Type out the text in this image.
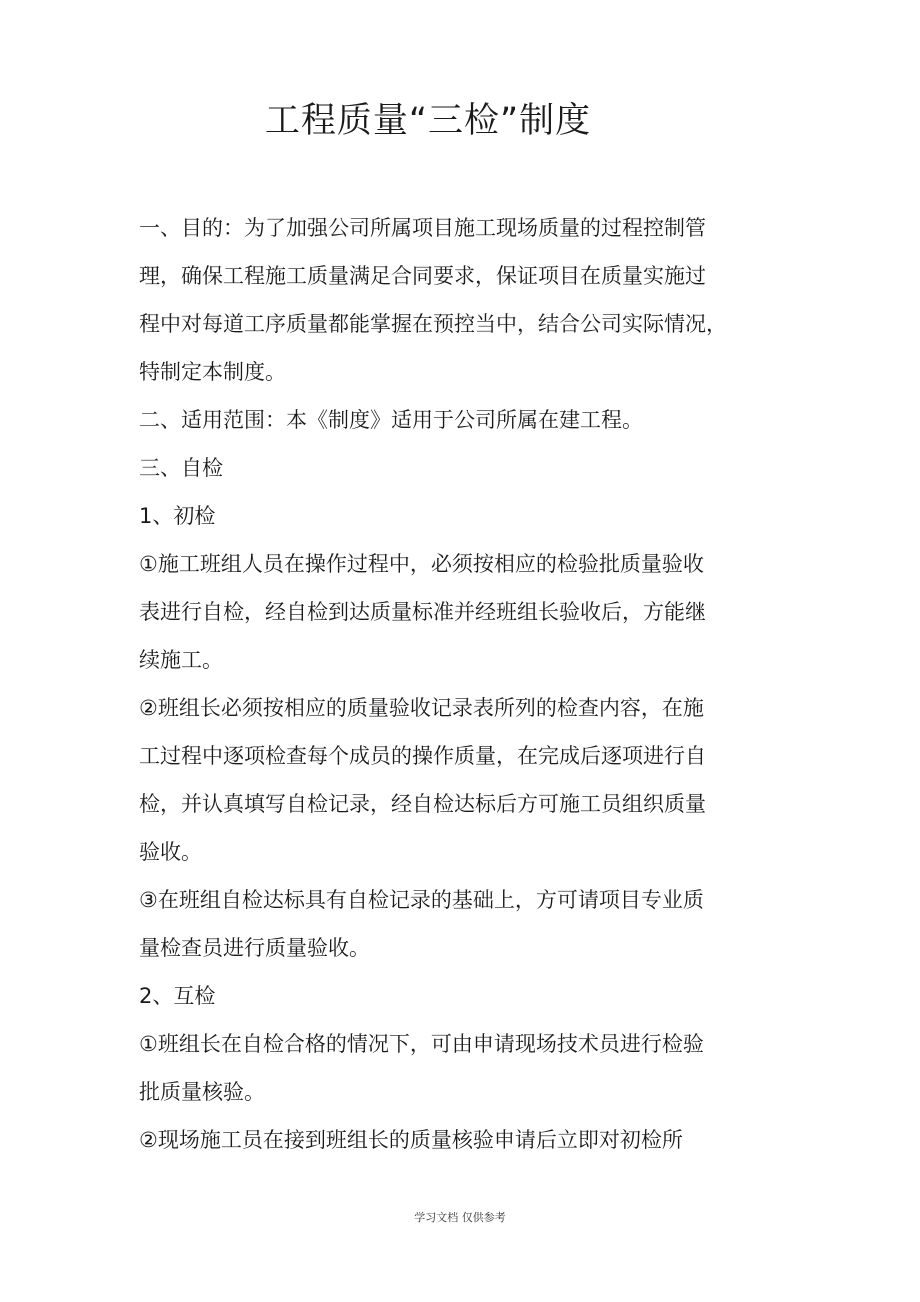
工程质量“三检”制度
一、目的：为了加强公司所属项目施工现场质量的过程控制管
理，确保工程施工质量满足合同要求，保证项目在质量实施过
程中对每道工序质量都能掌握在预控当中，结合公司实际情况，
特制定本制度。
二、适用范围：本《制度》适用于公司所属在建工程。
三、自检
1、初检
①施工班组人员在操作过程中，必须按相应的检验批质量验收
表进行自检，经自检到达质量标准并经班组长验收后，方能继
续施工。
②班组长必须按相应的质量验收记录表所列的检查内容，在施
工过程中逐项检查每个成员的操作质量，在完成后逐项进行自
检，并认真填写自检记录，经自检达标后方可施工员组织质量
验收。
③在班组自检达标具有自检记录的基础上，方可请项目专业质
量检查员进行质量验收。
2、互检
①班组长在自检合格的情况下，可由申请现场技术员进行检验
批质量核验。
②现场施工员在接到班组长的质量核验申请后立即对初检所
学习文档 仅供参考
